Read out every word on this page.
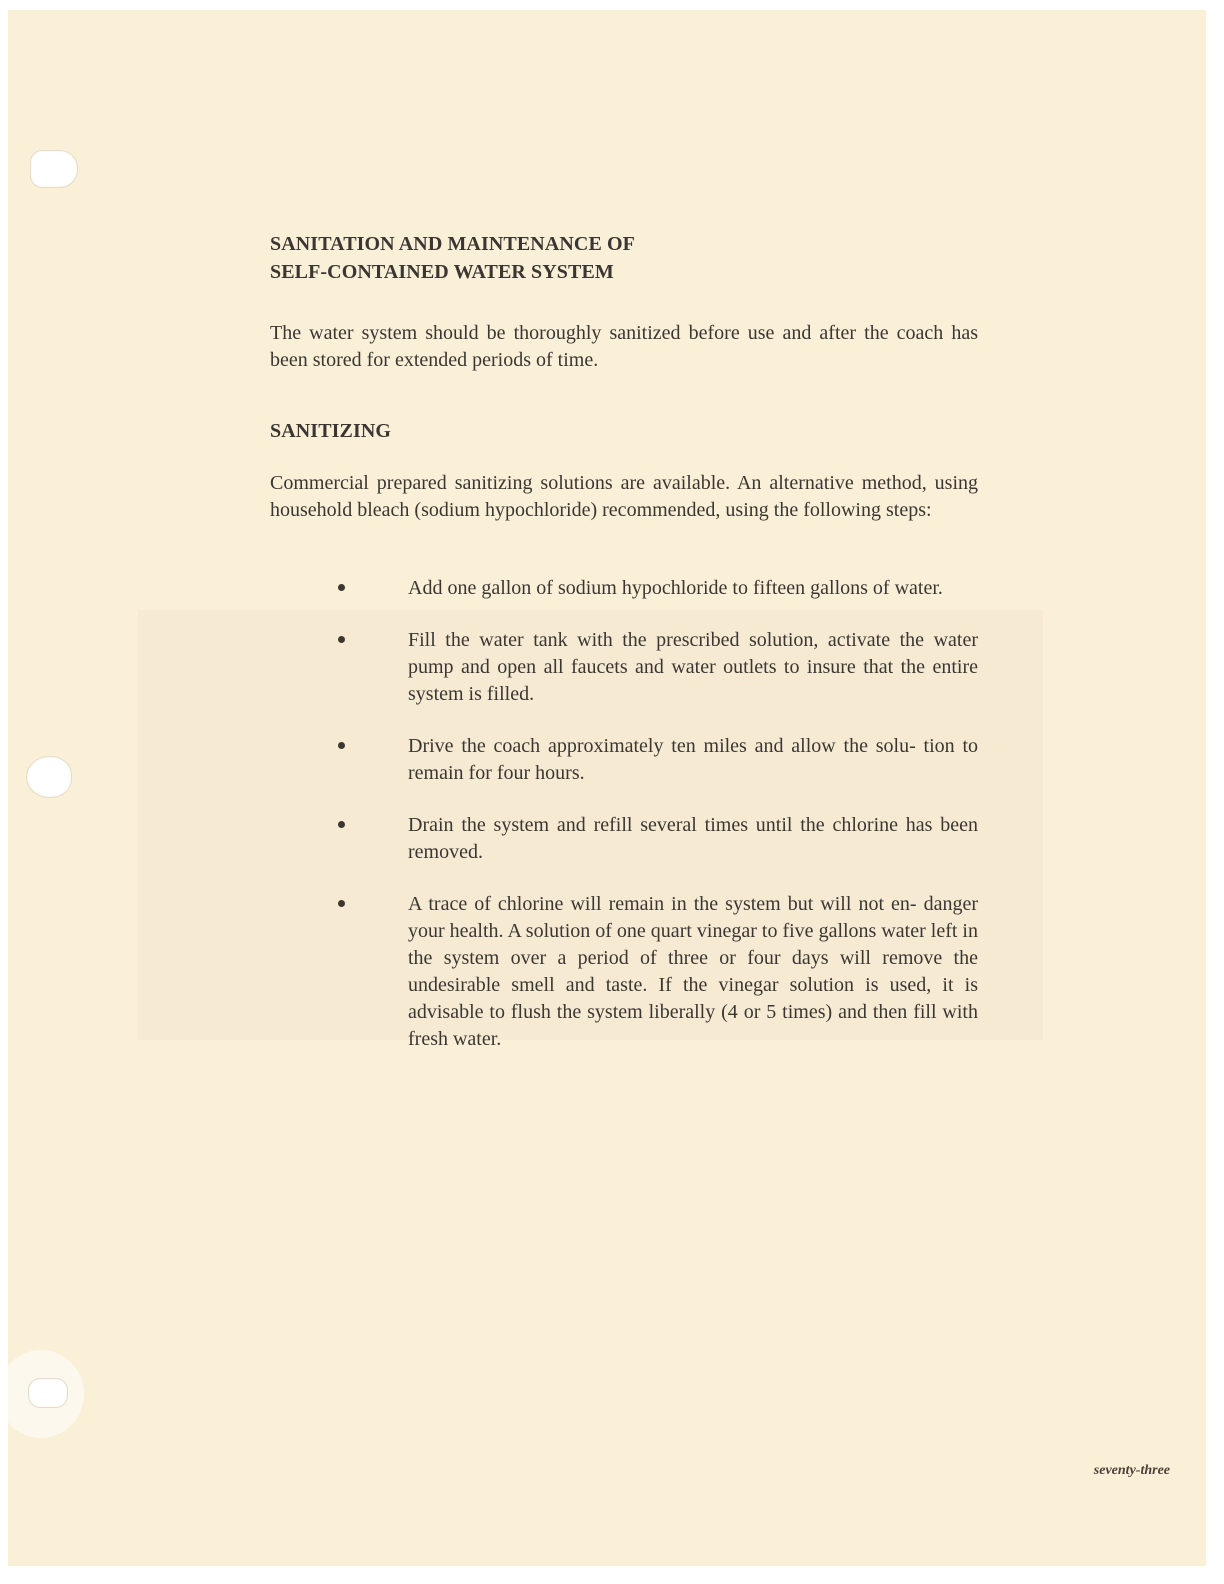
SANITATION AND MAINTENANCE OF
SELF-CONTAINED WATER SYSTEM

The water system should be thoroughly sanitized before use and after the coach has been stored for extended periods of time.

SANITIZING

Commercial prepared sanitizing solutions are available. An alternative method, using household bleach (sodium hypochloride) recommended, using the following steps:

Add one gallon of sodium hypochloride to fifteen gallons of water.
Fill the water tank with the prescribed solution, activate the water pump and open all faucets and water outlets to insure that the entire system is filled.
Drive the coach approximately ten miles and allow the solu- tion to remain for four hours.
Drain the system and refill several times until the chlorine has been removed.
A trace of chlorine will remain in the system but will not en- danger your health. A solution of one quart vinegar to five gallons water left in the system over a period of three or four days will remove the undesirable smell and taste. If the vinegar solution is used, it is advisable to flush the system liberally (4 or 5 times) and then fill with fresh water.
seventy-three
